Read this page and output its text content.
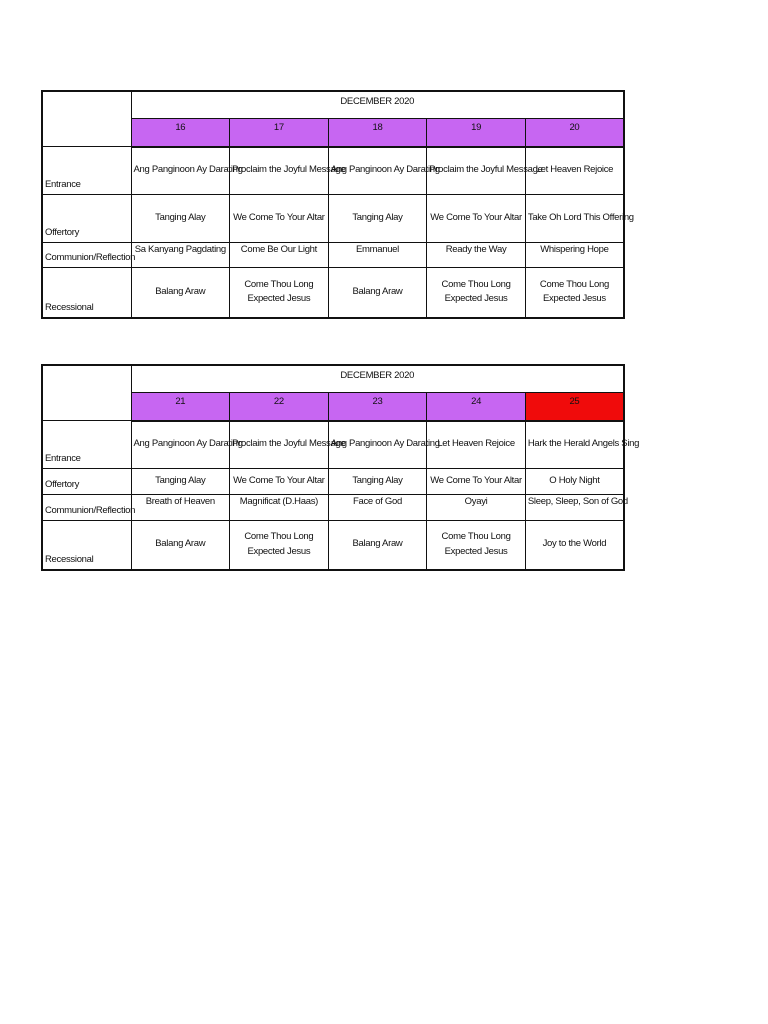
	DECEMBER 2020				
	16	17	18	19	20
Entrance	Ang Panginoon Ay Darating	Proclaim the Joyful Message	Ang Panginoon Ay Darating	Proclaim the Joyful Message	Let Heaven Rejoice
Offertory	Tanging Alay	We Come To Your Altar	Tanging Alay	We Come To Your Altar	Take Oh Lord This Offering
Communion/Reflection	Sa Kanyang Pagdating	Come Be Our Light	Emmanuel	Ready the Way	Whispering Hope
Recessional	Balang Araw	Come Thou Long Expected Jesus	Balang Araw	Come Thou Long Expected Jesus	Come Thou Long Expected Jesus
	DECEMBER 2020				
	21	22	23	24	25
Entrance	Ang Panginoon Ay Darating	Proclaim the Joyful Message	Ang Panginoon Ay Darating	Let Heaven Rejoice	Hark the Herald Angels Sing
Offertory	Tanging Alay	We Come To Your Altar	Tanging Alay	We Come To Your Altar	O Holy Night
Communion/Reflection	Breath of Heaven	Magnificat (D.Haas)	Face of God	Oyayi	Sleep, Sleep, Son of God
Recessional	Balang Araw	Come Thou Long Expected Jesus	Balang Araw	Come Thou Long Expected Jesus	Joy to the World
